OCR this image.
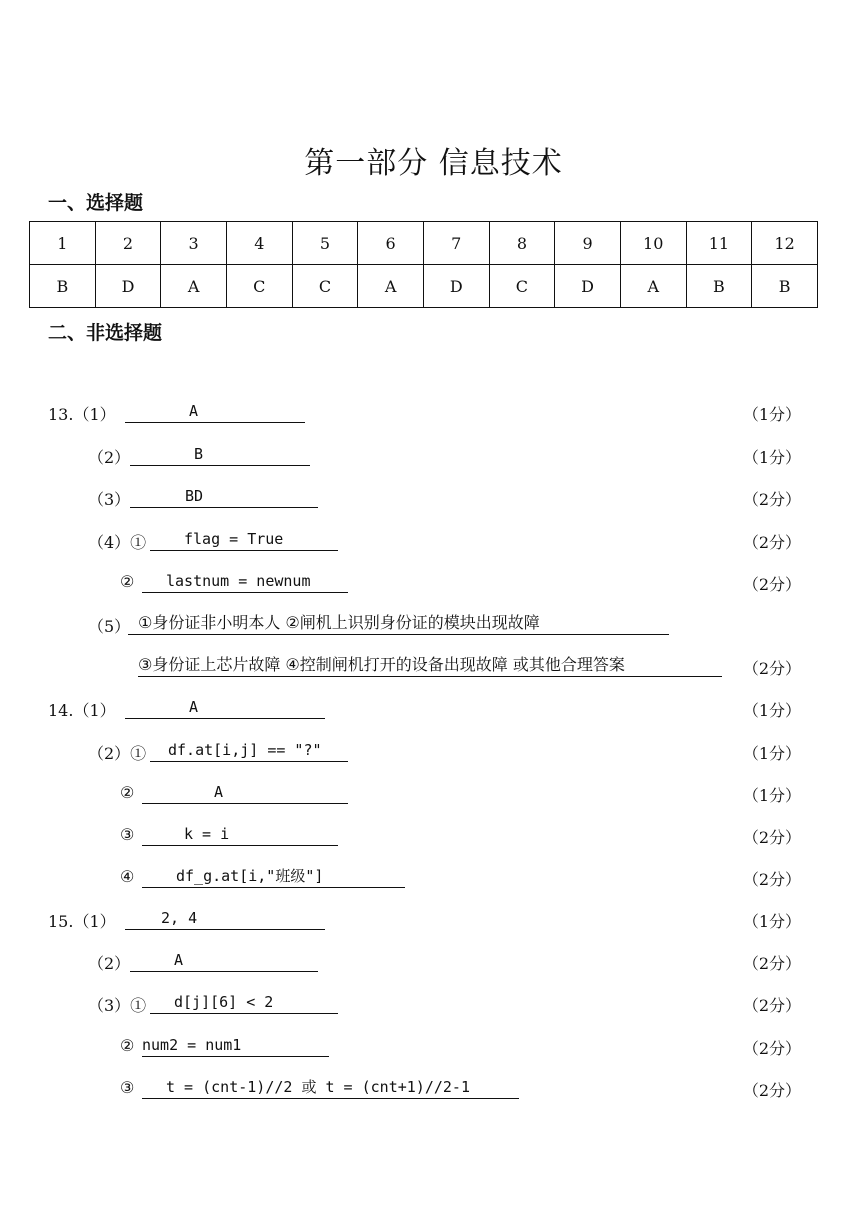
第一部分 信息技术
一、选择题
1	2	3	4	5	6	7	8	9	10	11	12
B	D	A	C	C	A	D	C	D	A	B	B
二、非选择题
13.（1）	A	（1分）
（2）	B	（1分）
（3）	BD	（2分）
（4）①	flag = True	（2分）
② lastnum = newnum	（2分）
（5） ①身份证非小明本人 ②闸机上识别身份证的模块出现故障
③身份证上芯片故障 ④控制闸机打开的设备出现故障 或其他合理答案	（2分）
14.（1）	A	（1分）
（2）① df.at[i,j] == "?"	（1分）
②	A	（1分）
③	k = i	（2分）
④	df_g.at[i,"班级"]	（2分）
15.（1）	2, 4	（1分）
（2）	A	（2分）
（3）① d[j][6] < 2	（2分）
② num2 = num1	（2分）
③ t = (cnt-1)//2 或 t = (cnt+1)//2-1	（2分）
